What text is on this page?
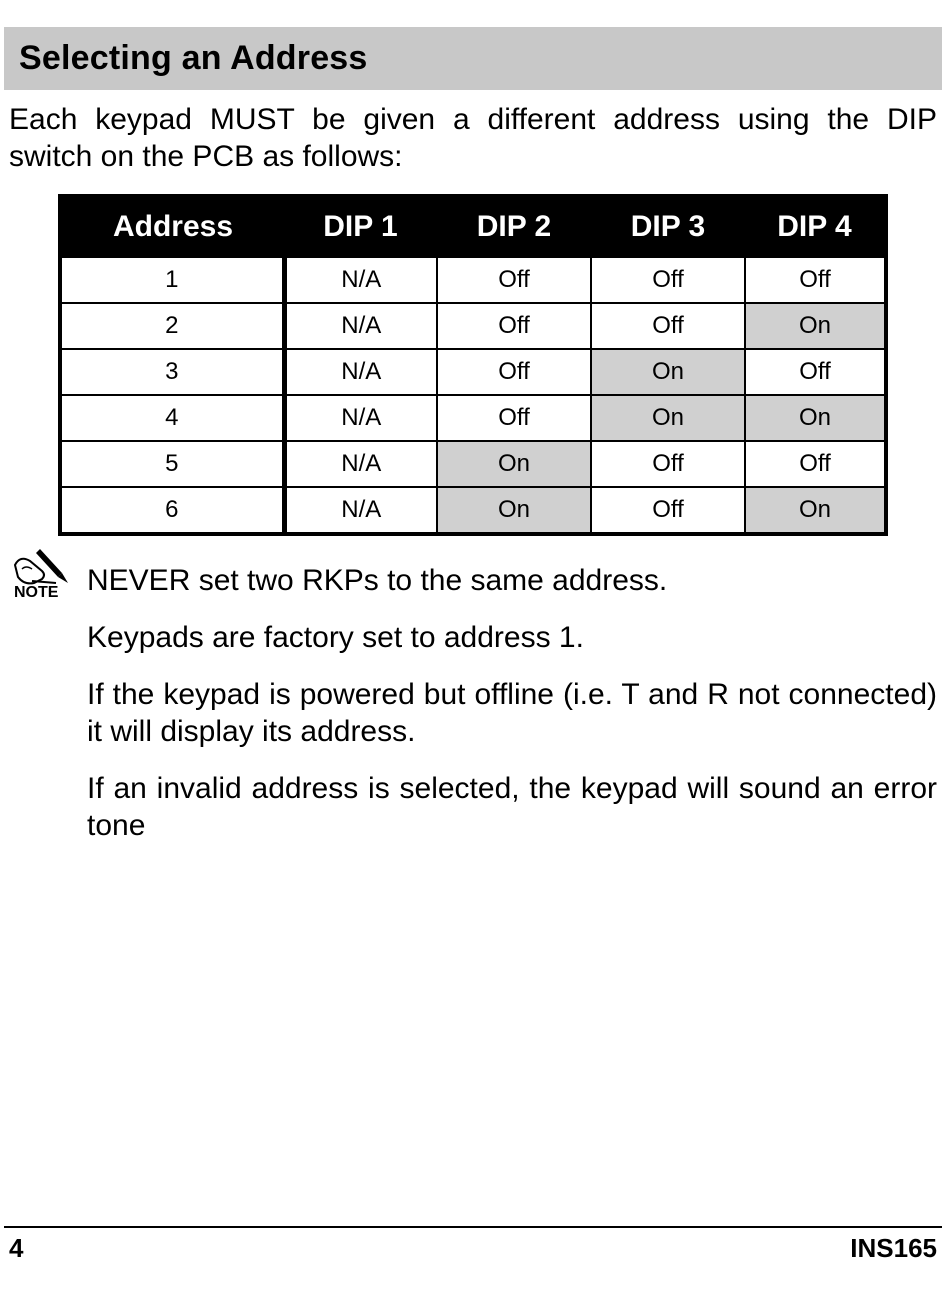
Selecting an Address
Each keypad MUST be given a different address using the DIP
switch on the PCB as follows:
Address	DIP 1	DIP 2	DIP 3	DIP 4
1	N/A	Off	Off	Off
2	N/A	Off	Off	On
3	N/A	Off	On	Off
4	N/A	Off	On	On
5	N/A	On	Off	Off
6	N/A	On	Off	On
NOTE NEVER set two RKPs to the same address.

Keypads are factory set to address 1.

If the keypad is powered but offline (i.e. T and R not connected) it will display its address.

If an invalid address is selected, the keypad will sound an error tone

4	INS165
